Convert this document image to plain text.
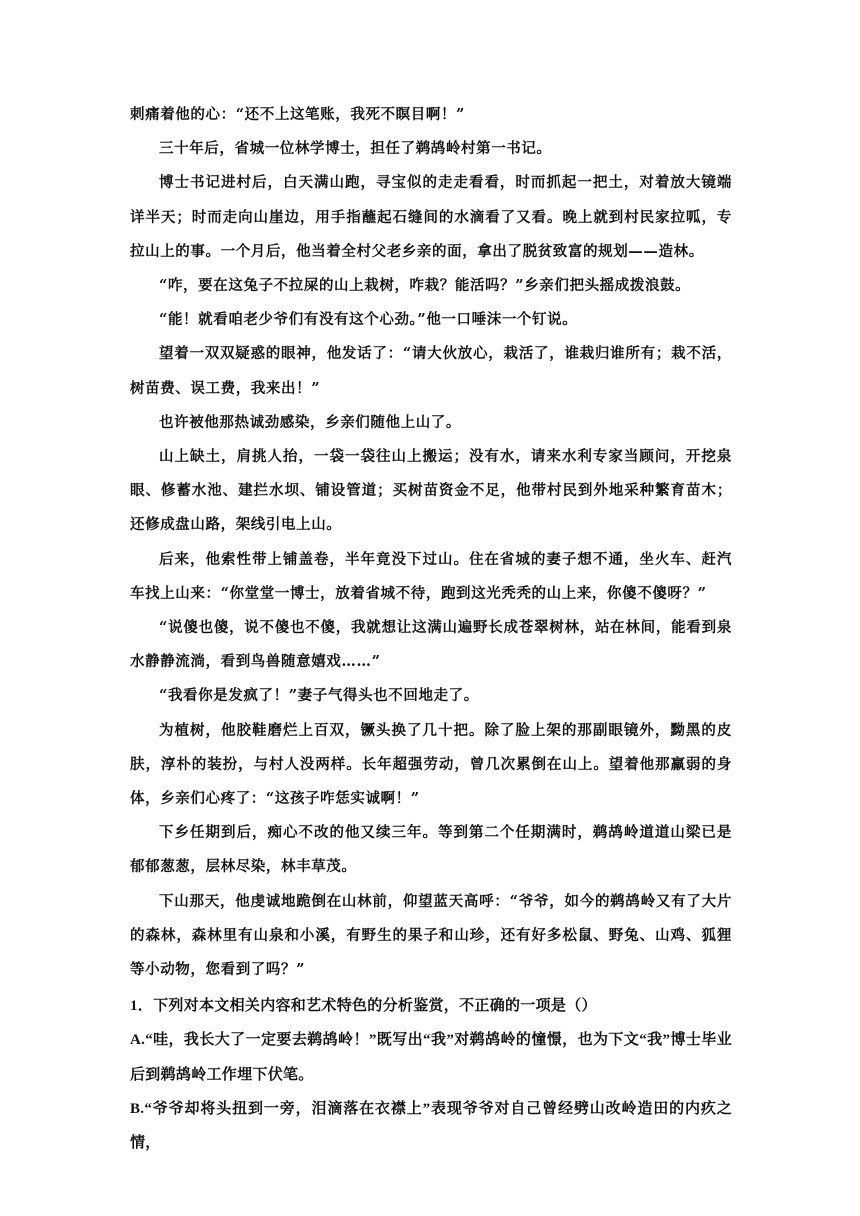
刺痛着他的心：“还不上这笔账，我死不瞑目啊！”

三十年后，省城一位林学博士，担任了鹈鸪岭村第一书记。

博士书记进村后，白天满山跑，寻宝似的走走看看，时而抓起一把土，对着放大镜端详半天；时而走向山崖边，用手指蘸起石缝间的水滴看了又看。晚上就到村民家拉呱，专拉山上的事。一个月后，他当着全村父老乡亲的面，拿出了脱贫致富的规划——造林。

“咋，要在这兔子不拉屎的山上栽树，咋栽？能活吗？”乡亲们把头摇成拨浪鼓。

“能！就看咱老少爷们有没有这个心劲。”他一口唾沫一个钉说。

望着一双双疑惑的眼神，他发话了：“请大伙放心，栽活了，谁栽归谁所有；栽不活，树苗费、误工费，我来出！”

也许被他那热诚劲感染，乡亲们随他上山了。

山上缺土，肩挑人抬，一袋一袋往山上搬运；没有水，请来水利专家当顾问，开挖泉眼、修蓄水池、建拦水坝、铺设管道；买树苗资金不足，他带村民到外地采种繁育苗木；还修成盘山路，架线引电上山。

后来，他索性带上铺盖卷，半年竟没下过山。住在省城的妻子想不通，坐火车、赶汽车找上山来：“你堂堂一博士，放着省城不待，跑到这光秃秃的山上来，你傻不傻呀？”

“说傻也傻，说不傻也不傻，我就想让这满山遍野长成苍翠树林，站在林间，能看到泉水静静流淌，看到鸟兽随意嬉戏……”

“我看你是发疯了！”妻子气得头也不回地走了。

为植树，他胶鞋磨烂上百双，镢头换了几十把。除了脸上架的那副眼镜外，黝黑的皮肤，淳朴的装扮，与村人没两样。长年超强劳动，曾几次累倒在山上。望着他那羸弱的身体，乡亲们心疼了：“这孩子咋恁实诚啊！”

下乡任期到后，痴心不改的他又续三年。等到第二个任期满时，鹈鸪岭道道山梁已是郁郁葱葱，层林尽染，林丰草茂。

下山那天，他虔诚地跪倒在山林前，仰望蓝天高呼：“爷爷，如今的鹈鸪岭又有了大片的森林，森林里有山泉和小溪，有野生的果子和山珍，还有好多松鼠、野兔、山鸡、狐狸等小动物，您看到了吗？”

1．下列对本文相关内容和艺术特色的分析鉴赏，不正确的一项是（）

A.“哇，我长大了一定要去鹈鸪岭！”既写出“我”对鹈鸪岭的憧憬，也为下文“我”博士毕业后到鹈鸪岭工作埋下伏笔。

B.“爷爷却将头扭到一旁，泪滴落在衣襟上”表现爷爷对自己曾经劈山改岭造田的内疚之情，
